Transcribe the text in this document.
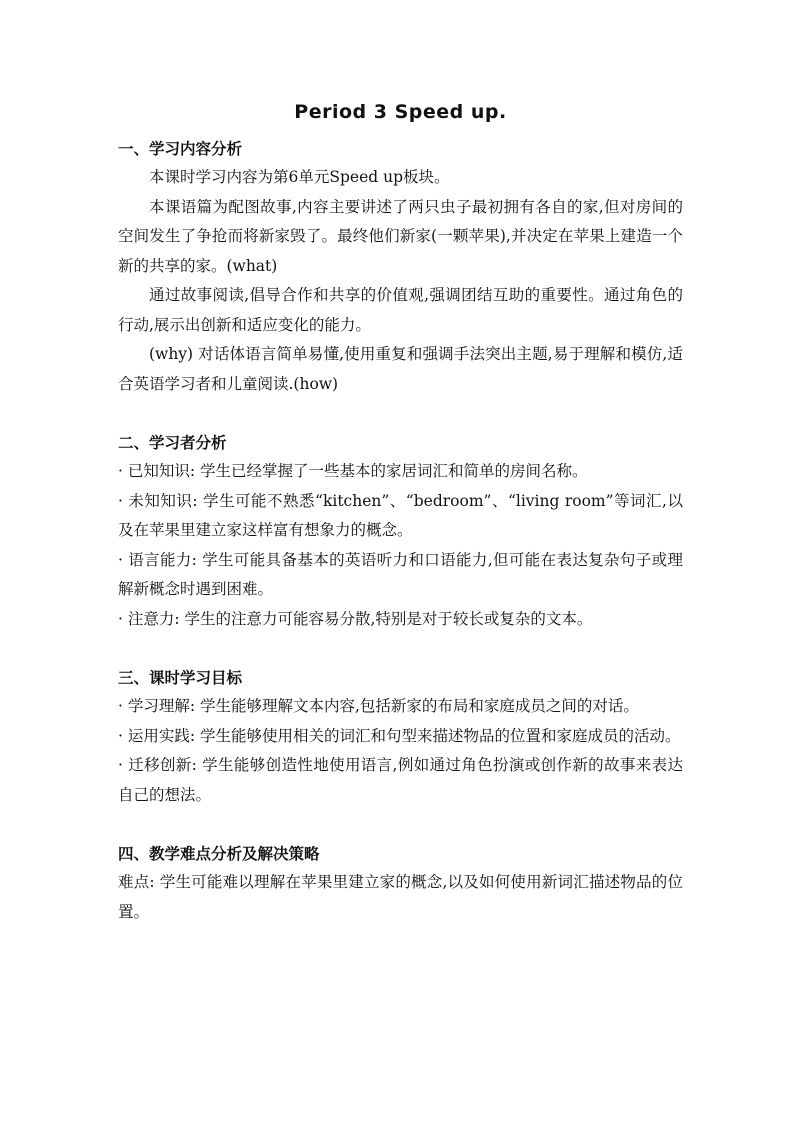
Period 3 Speed up.
一、学习内容分析

本课时学习内容为第6单元Speed up板块。

本课语篇为配图故事,内容主要讲述了两只虫子最初拥有各自的家,但对房间的空间发生了争抢而将新家毁了。最终他们新家(一颗苹果),并决定在苹果上建造一个新的共享的家。(what)

通过故事阅读,倡导合作和共享的价值观,强调团结互助的重要性。通过角色的行动,展示出创新和适应变化的能力。

(why) 对话体语言简单易懂,使用重复和强调手法突出主题,易于理解和模仿,适合英语学习者和儿童阅读.(how)

二、学习者分析

· 已知知识: 学生已经掌握了一些基本的家居词汇和简单的房间名称。

· 未知知识: 学生可能不熟悉“kitchen”、“bedroom”、“living room”等词汇,以及在苹果里建立家这样富有想象力的概念。

· 语言能力: 学生可能具备基本的英语听力和口语能力,但可能在表达复杂句子或理解新概念时遇到困难。

· 注意力: 学生的注意力可能容易分散,特别是对于较长或复杂的文本。

三、课时学习目标

· 学习理解: 学生能够理解文本内容,包括新家的布局和家庭成员之间的对话。

· 运用实践: 学生能够使用相关的词汇和句型来描述物品的位置和家庭成员的活动。

· 迁移创新: 学生能够创造性地使用语言,例如通过角色扮演或创作新的故事来表达自己的想法。

四、教学难点分析及解决策略

难点: 学生可能难以理解在苹果里建立家的概念,以及如何使用新词汇描述物品的位置。
